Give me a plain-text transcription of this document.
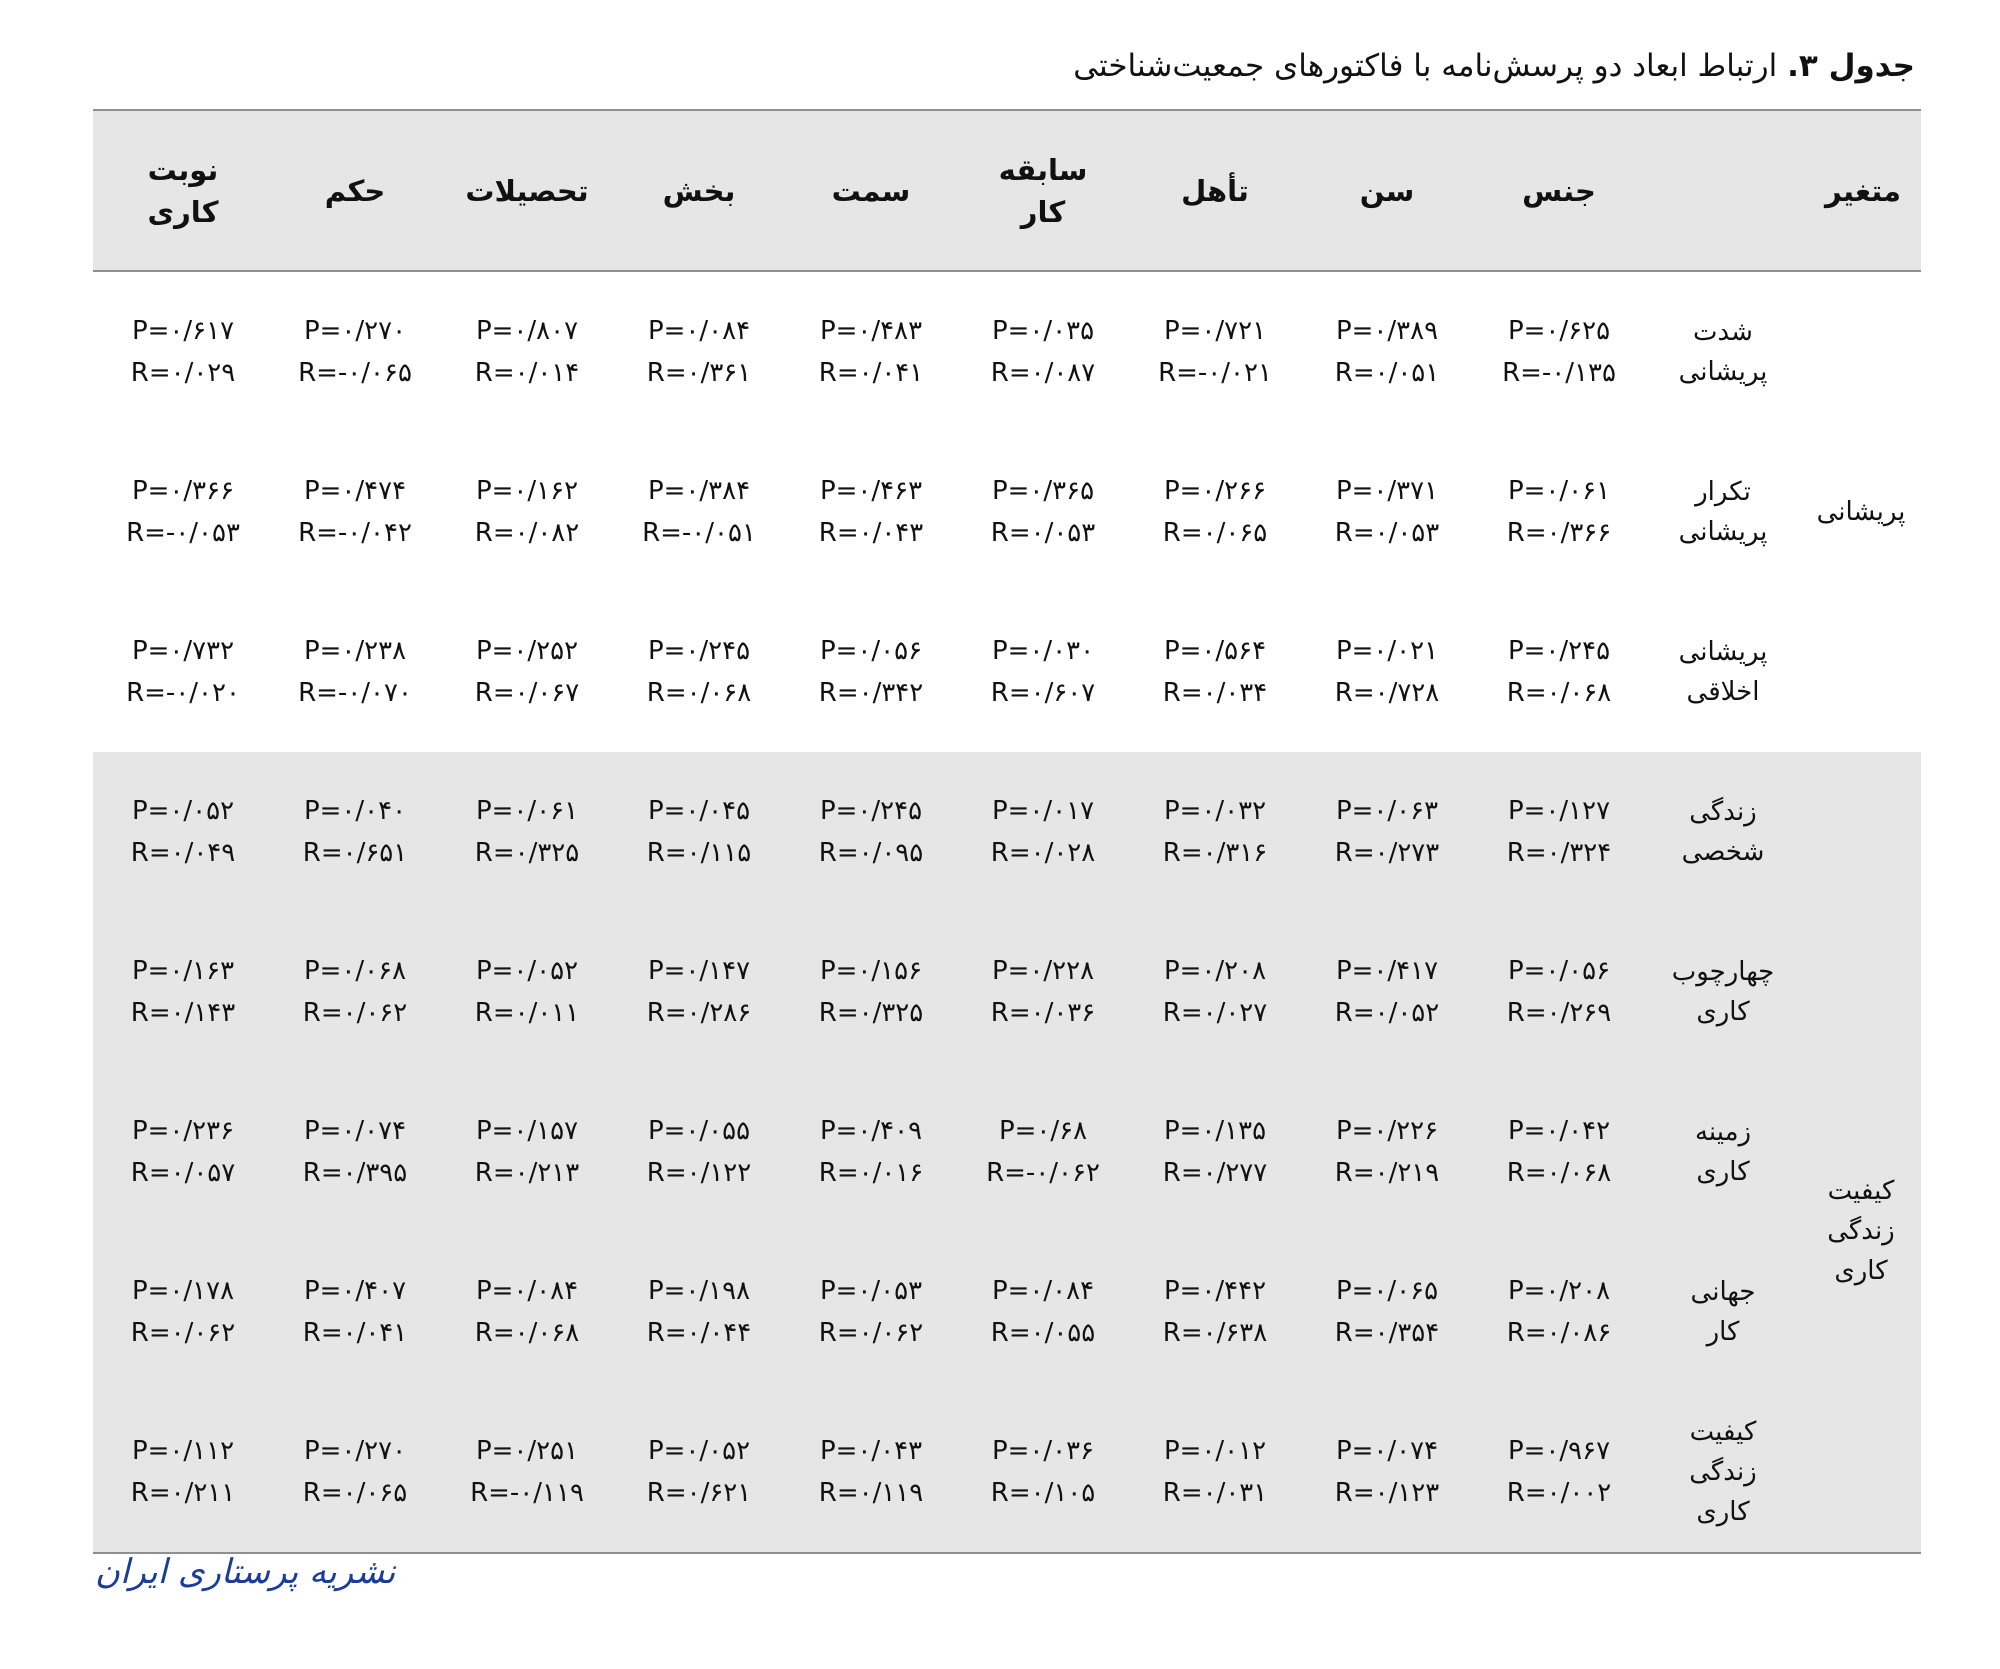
جدول ۳. ارتباط ابعاد دو پرسش‌نامه با فاکتورهای جمعیت‌شناختی
متغیر
جنس
سن
تأهل
سابقه
کار
سمت
بخش
تحصیلات
حکم
نوبت
کاری
شدت
پریشانی
P=۰/۶۲۵
R=-۰/۱۳۵
P=۰/۳۸۹
R=۰/۰۵۱
P=۰/۷۲۱
R=-۰/۰۲۱
P=۰/۰۳۵
R=۰/۰۸۷
P=۰/۴۸۳
R=۰/۰۴۱
P=۰/۰۸۴
R=۰/۳۶۱
P=۰/۸۰۷
R=۰/۰۱۴
P=۰/۲۷۰
R=-۰/۰۶۵
P=۰/۶۱۷
R=۰/۰۲۹
تکرار
پریشانی
P=۰/۰۶۱
R=۰/۳۶۶
P=۰/۳۷۱
R=۰/۰۵۳
P=۰/۲۶۶
R=۰/۰۶۵
P=۰/۳۶۵
R=۰/۰۵۳
P=۰/۴۶۳
R=۰/۰۴۳
P=۰/۳۸۴
R=-۰/۰۵۱
P=۰/۱۶۲
R=۰/۰۸۲
P=۰/۴۷۴
R=-۰/۰۴۲
P=۰/۳۶۶
R=-۰/۰۵۳
پریشانی
اخلاقی
P=۰/۲۴۵
R=۰/۰۶۸
P=۰/۰۲۱
R=۰/۷۲۸
P=۰/۵۶۴
R=۰/۰۳۴
P=۰/۰۳۰
R=۰/۶۰۷
P=۰/۰۵۶
R=۰/۳۴۲
P=۰/۲۴۵
R=۰/۰۶۸
P=۰/۲۵۲
R=۰/۰۶۷
P=۰/۲۳۸
R=-۰/۰۷۰
P=۰/۷۳۲
R=-۰/۰۲۰
زندگی
شخصی
P=۰/۱۲۷
R=۰/۳۲۴
P=۰/۰۶۳
R=۰/۲۷۳
P=۰/۰۳۲
R=۰/۳۱۶
P=۰/۰۱۷
R=۰/۰۲۸
P=۰/۲۴۵
R=۰/۰۹۵
P=۰/۰۴۵
R=۰/۱۱۵
P=۰/۰۶۱
R=۰/۳۲۵
P=۰/۰۴۰
R=۰/۶۵۱
P=۰/۰۵۲
R=۰/۰۴۹
چهارچوب
کاری
P=۰/۰۵۶
R=۰/۲۶۹
P=۰/۴۱۷
R=۰/۰۵۲
P=۰/۲۰۸
R=۰/۰۲۷
P=۰/۲۲۸
R=۰/۰۳۶
P=۰/۱۵۶
R=۰/۳۲۵
P=۰/۱۴۷
R=۰/۲۸۶
P=۰/۰۵۲
R=۰/۰۱۱
P=۰/۰۶۸
R=۰/۰۶۲
P=۰/۱۶۳
R=۰/۱۴۳
زمینه
کاری
P=۰/۰۴۲
R=۰/۰۶۸
P=۰/۲۲۶
R=۰/۲۱۹
P=۰/۱۳۵
R=۰/۲۷۷
P=۰/۶۸
R=-۰/۰۶۲
P=۰/۴۰۹
R=۰/۰۱۶
P=۰/۰۵۵
R=۰/۱۲۲
P=۰/۱۵۷
R=۰/۲۱۳
P=۰/۰۷۴
R=۰/۳۹۵
P=۰/۲۳۶
R=۰/۰۵۷
جهانی
کار
P=۰/۲۰۸
R=۰/۰۸۶
P=۰/۰۶۵
R=۰/۳۵۴
P=۰/۴۴۲
R=۰/۶۳۸
P=۰/۰۸۴
R=۰/۰۵۵
P=۰/۰۵۳
R=۰/۰۶۲
P=۰/۱۹۸
R=۰/۰۴۴
P=۰/۰۸۴
R=۰/۰۶۸
P=۰/۴۰۷
R=۰/۰۴۱
P=۰/۱۷۸
R=۰/۰۶۲
کیفیت
زندگی
کاری
P=۰/۹۶۷
R=۰/۰۰۲
P=۰/۰۷۴
R=۰/۱۲۳
P=۰/۰۱۲
R=۰/۰۳۱
P=۰/۰۳۶
R=۰/۱۰۵
P=۰/۰۴۳
R=۰/۱۱۹
P=۰/۰۵۲
R=۰/۶۲۱
P=۰/۲۵۱
R=-۰/۱۱۹
P=۰/۲۷۰
R=۰/۰۶۵
P=۰/۱۱۲
R=۰/۲۱۱
پریشانی
کیفیت
زندگی
کاری
نشریه پرستاری ایران
